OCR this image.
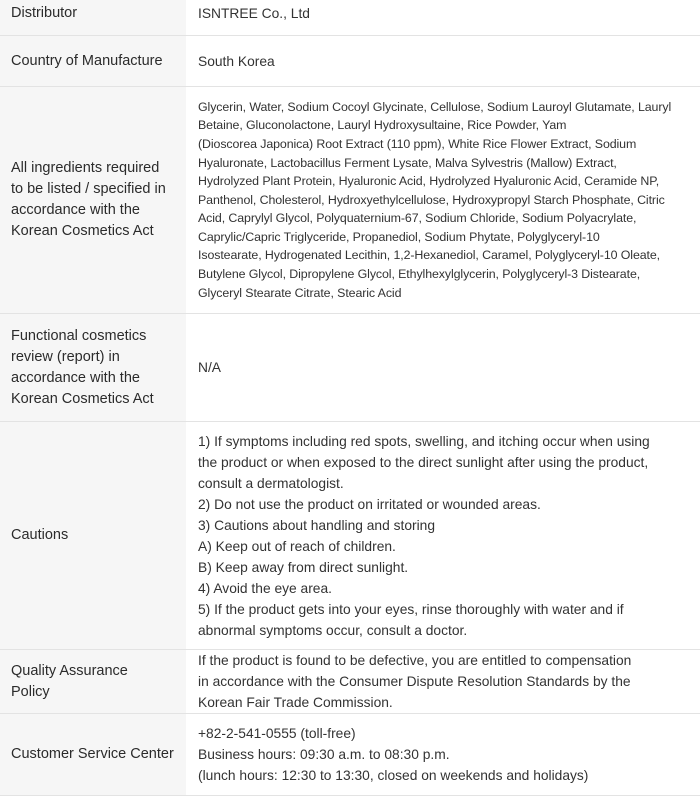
Distributor	ISNTREE Co., Ltd
Country of Manufacture	South Korea
All ingredients required
to be listed / specified in
accordance with the
Korean Cosmetics Act
Glycerin, Water, Sodium Cocoyl Glycinate, Cellulose, Sodium Lauroyl Glutamate, Lauryl
Betaine, Gluconolactone, Lauryl Hydroxysultaine, Rice Powder, Yam
(Dioscorea Japonica) Root Extract (110 ppm), White Rice Flower Extract, Sodium
Hyaluronate, Lactobacillus Ferment Lysate, Malva Sylvestris (Mallow) Extract,
Hydrolyzed Plant Protein, Hyaluronic Acid, Hydrolyzed Hyaluronic Acid, Ceramide NP,
Panthenol, Cholesterol, Hydroxyethylcellulose, Hydroxypropyl Starch Phosphate, Citric
Acid, Caprylyl Glycol, Polyquaternium-67, Sodium Chloride, Sodium Polyacrylate,
Caprylic/Capric Triglyceride, Propanediol, Sodium Phytate, Polyglyceryl-10
Isostearate, Hydrogenated Lecithin, 1,2-Hexanediol, Caramel, Polyglyceryl-10 Oleate,
Butylene Glycol, Dipropylene Glycol, Ethylhexylglycerin, Polyglyceryl-3 Distearate,
Glyceryl Stearate Citrate, Stearic Acid
Functional cosmetics
review (report) in
accordance with the
Korean Cosmetics Act
N/A
Cautions
1) If symptoms including red spots, swelling, and itching occur when using
the product or when exposed to the direct sunlight after using the product,
consult a dermatologist.
2) Do not use the product on irritated or wounded areas.
3) Cautions about handling and storing
A) Keep out of reach of children.
B) Keep away from direct sunlight.
4) Avoid the eye area.
5) If the product gets into your eyes, rinse thoroughly with water and if
abnormal symptoms occur, consult a doctor.
Quality Assurance
Policy
If the product is found to be defective, you are entitled to compensation
in accordance with the Consumer Dispute Resolution Standards by the
Korean Fair Trade Commission.
Customer Service Center
+82-2-541-0555 (toll-free)
Business hours: 09:30 a.m. to 08:30 p.m.
(lunch hours: 12:30 to 13:30, closed on weekends and holidays)
